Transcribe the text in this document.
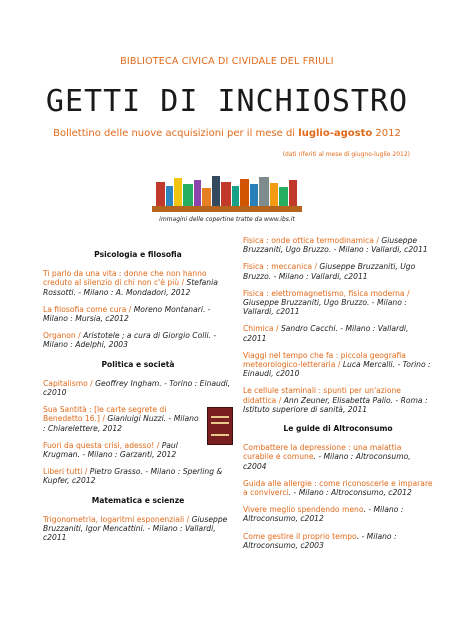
BIBLIOTECA CIVICA DI CIVIDALE DEL FRIULI
GETTI DI INCHIOSTRO
Bollettino delle nuove acquisizioni per il mese di luglio-agosto 2012
(dati riferiti al mese di giugno-luglio 2012)
immagini delle copertine tratte da www.ibs.it
Psicologia e filosofia
Ti parlo da una vita : donne che non hanno creduto al silenzio di chi non c'è più / Stefania Rossotti. - Milano : A. Mondadori, 2012
La filosofia come cura / Moreno Montanari. - Milano : Mursia, c2012
Organon / Aristotele ; a cura di Giorgio Colli. - Milano : Adelphi, 2003
Politica e società
Capitalismo / Geoffrey Ingham. - Torino : Einaudi, c2010
Sua Santità : [le carte segrete di Benedetto 16.] / Gianluigi Nuzzi. - Milano : Chiarelettere, 2012
Fuori da questa crisi, adesso! / Paul Krugman. - Milano : Garzanti, 2012
Liberi tutti / Pietro Grasso. - Milano : Sperling & Kupfer, c2012
Matematica e scienze
Trigonometria, logaritmi esponenziali / Giuseppe Bruzzaniti, Igor Mencattini. - Milano : Vallardi, c2011
Fisica : onde ottica termodinamica / Giuseppe Bruzzaniti, Ugo Bruzzo. - Milano : Vallardi, c2011
Fisica : meccanica / Giuseppe Bruzzaniti, Ugo Bruzzo. - Milano : Vallardi, c2011
Fisica : elettromagnetismo, fisica moderna / Giuseppe Bruzzaniti, Ugo Bruzzo. - Milano : Vallardi, c2011
Chimica / Sandro Cacchi. - Milano : Vallardi, c2011
Viaggi nel tempo che fa : piccola geografia meteorologico-letteraria / Luca Mercalli. - Torino : Einaudi, c2010
Le cellule staminali : spunti per un'azione didattica / Ann Zeuner, Elisabetta Palio. - Roma : Istituto superiore di sanità, 2011
Le guide di Altroconsumo
Combattere la depressione : una malattia curabile e comune. - Milano : Altroconsumo, c2004
Guida alle allergie : come riconoscerle e imparare a conviverci. - Milano : Altroconsumo, c2012
Vivere meglio spendendo meno. - Milano : Altroconsumo, c2012
Come gestire il proprio tempo. - Milano : Altroconsumo, c2003
